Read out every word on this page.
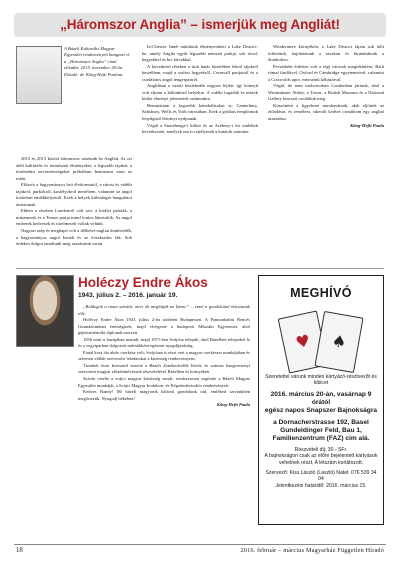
„Háromszor Anglia” – ismerjük meg Angliát!
A Bázeli Kulturális Magyar Egyesület rendezvényén hangzott el a „Háromszor Anglia” című előadás, 2015. november 20-án. Előadó: dr. Kőng-Hefti Paulina.

2015 és 2015 között háromszor utaztunk be Angliát. Az ott átélt kultúrális és természeti élményeket, a legszebb tájakat, a történelmi nevezetességeket próbáltam bemutatni ezen az estén.

Először a hagyományos brit életformáról, a városi és vidéki tájakról, parkokról, kastélyokról meséltem, valamint az angol irodalom emlékhelyeiről. Ezek a helyek különleges hangulatot árasztanak.

Ebben a részben Londonról volt szó: a királyi paloták, a múzeumok és a Temze partja mind fontos látnivalók. Az angol emberek kedvesek és türelmesek voltak velünk.

Nagyon szép és megkapó volt a délkelet-angliai dombvidék, a hagyományos angol kertek és az évszázados fák. Sok érdekes dolgot tanultunk meg utazásaink során.

In-Chester. Innét indultunk élményeinkért a Lake District-be, amely Anglia egyik legszebb nemzeti parkja, sok tóval, hegyekkel és kis falvakkal.

A következő részben a skót határ közelében fekvő tájakról beszéltem, majd a walesi hegyekről, Cornwall partjairól és a csodálatos angol tengerpartról.

Angliában a vasúti közlekedés nagyon fejlett, így könnyű volt eljutni a különböző helyekre. A vidéki fogadók és teázók külön élményt jelentettek számunkra.

Bemutattam a legszebb katedrálisokat is: Canterbury, Salisbury, Wells és York városában. Ezek a gótikus templomok lenyűgöző látványt nyújtanak.

Végül a Stonehenge-i kőkör és az Avebury-i ősi emlékek következtek, amelyek ma is rejtélyesek a kutatók számára.

Windermere környékén, a Lake District tájain sok időt töltöttünk, hajókáztunk a tavakon és kirándultunk a dombokon.

Pecsétként érdekes volt a régi városok megtekintése, Bath római fürdőivel, Oxford és Cambridge egyetemeivel, valamint a Cotswolds apró, mézszínű kőházaival.

Végül, de nem utolsósorban Londonban jártunk, ahol a Westminster Abbey, a Tower, a British Museum és a National Gallery kincseit csodáltuk meg.

Köszönöm a figyelmet mindazoknak, akik eljöttek az előadásra, és remélem, sikerült kedvet csinálnom egy angliai utazáshoz.

Kőng-Hefti Paula

Holéczy Endre Ákos
1943. július 2. – 2016. január 19.

„Boldogok a tiszta szívűek, mert ők meglátják az Istent.” – ezzel a gondolattal búcsúzunk tőle.

Holéczy Endre Ákos 1943. július 2-án született Budapesten. A Pannonhalmi Bencés Gimnáziumban érettségizett, majd elvégezte a budapesti Műszaki Egyetemet, ahol gépészmérnöki diplomát szerzett.

1956 után is hazájában maradt, majd 1971-ben Svájcba települt, ahol Bázelben telepedett le és a vegyiparban dolgozott mérnökként egészen nyugdíjazásáig.

Fiatal kora óta aktív cserkész volt; Svájcban is részt vett a magyar cserkészet munkájában és szívesen vállalt szervezési feladatokat a közösség rendezvényein.

Tizenhét éven keresztül vezette a Bázeli Zenekedvelők Körét, és számos hangversenyt szervezett magyar előadóművészek részvételével Bázelben és környékén.

Szívén viselte a svájci magyar közösség sorsát: rendszeresen segítette a Bázeli Magyar Egyesület munkáját, a Svájci Magyar Irodalom- és Képzőművészkör rendezvényeit.

Kedves Bandy! Mi bázeli magyarok hálával gondolunk rád, emléked szívünkben megőrizzük. Nyugodj békében!

Kőng-Hefti Paula

MEGHÍVÓ
♥	♠
Szeretettel várunk minden kártyázó-résztvevőt és kibicet
2016. március 20-án, vasárnap 9 órától
egész napos Snapszer Bajnokságra
a Dornacherstrasse 192, Basel Gundeldinger Feld, Bau 1, Familienzentrum (FAZ) cím alá.
Részvételi díj: 30.- SFr.
A bajnokságon csak az előre bejelentett kártyások vehetnek részt, A létszám korlátozott.
Szervező: Kiss László (Laszló) Natel: 076 539 34 04
Jelentkezési határidő: 2016. március 15.
18	2016. február – március Magyarház Független Híradó
